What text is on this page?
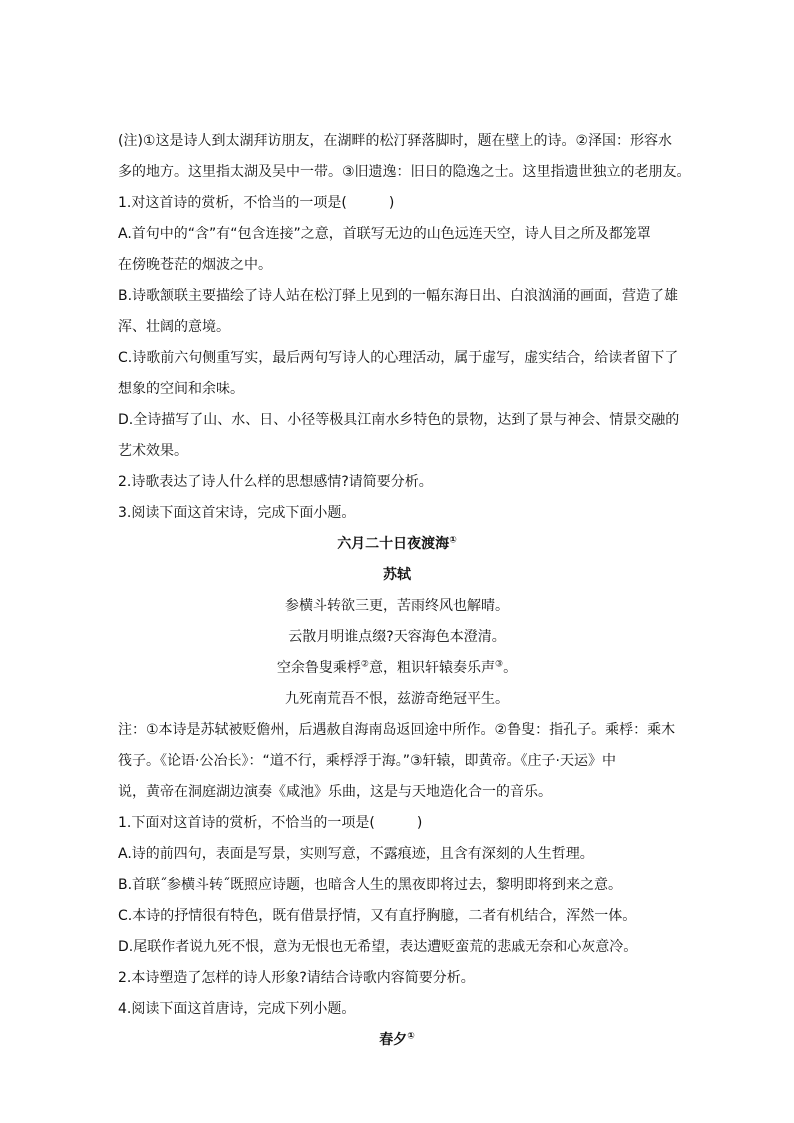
(注)①这是诗人到太湖拜访朋友，在湖畔的松汀驿落脚时，题在壁上的诗。②泽国：形容水
多的地方。这里指太湖及吴中一带。③旧遗逸：旧日的隐逸之士。这里指遗世独立的老朋友。
1.对这首诗的赏析，不恰当的一项是(　　　)
A.首句中的“含”有“包含连接”之意，首联写无边的山色远连天空，诗人目之所及都笼罩
在傍晚苍茫的烟波之中。
B.诗歌颔联主要描绘了诗人站在松汀驿上见到的一幅东海日出、白浪汹涌的画面，营造了雄
浑、壮阔的意境。
C.诗歌前六句侧重写实，最后两句写诗人的心理活动，属于虚写，虚实结合，给读者留下了
想象的空间和余味。
D.全诗描写了山、水、日、小径等极具江南水乡特色的景物，达到了景与神会、情景交融的
艺术效果。
2.诗歌表达了诗人什么样的思想感情?请简要分析。
3.阅读下面这首宋诗，完成下面小题。
六月二十日夜渡海①
苏轼
参横斗转欲三更，苦雨终风也解晴。
云散月明谁点缀?天容海色本澄清。
空余鲁叟乘桴②意，粗识轩辕奏乐声③。
九死南荒吾不恨，兹游奇绝冠平生。
注：①本诗是苏轼被贬儋州，后遇赦自海南岛返回途中所作。②鲁叟：指孔子。乘桴：乘木
筏子。《论语·公冶长》：“道不行，乘桴浮于海。”③轩辕，即黄帝。《庄子·天运》中
说，黄帝在洞庭湖边演奏《咸池》乐曲，这是与天地造化合一的音乐。
1.下面对这首诗的赏析，不恰当的一项是(　　　)
A.诗的前四句，表面是写景，实则写意，不露痕迹，且含有深刻的人生哲理。
B.首联˝参横斗转˝既照应诗题，也暗含人生的黑夜即将过去，黎明即将到来之意。
C.本诗的抒情很有特色，既有借景抒情，又有直抒胸臆，二者有机结合，浑然一体。
D.尾联作者说九死不恨，意为无恨也无希望，表达遭贬蛮荒的悲戚无奈和心灰意冷。
2.本诗塑造了怎样的诗人形象?请结合诗歌内容简要分析。
4.阅读下面这首唐诗，完成下列小题。
春夕①
